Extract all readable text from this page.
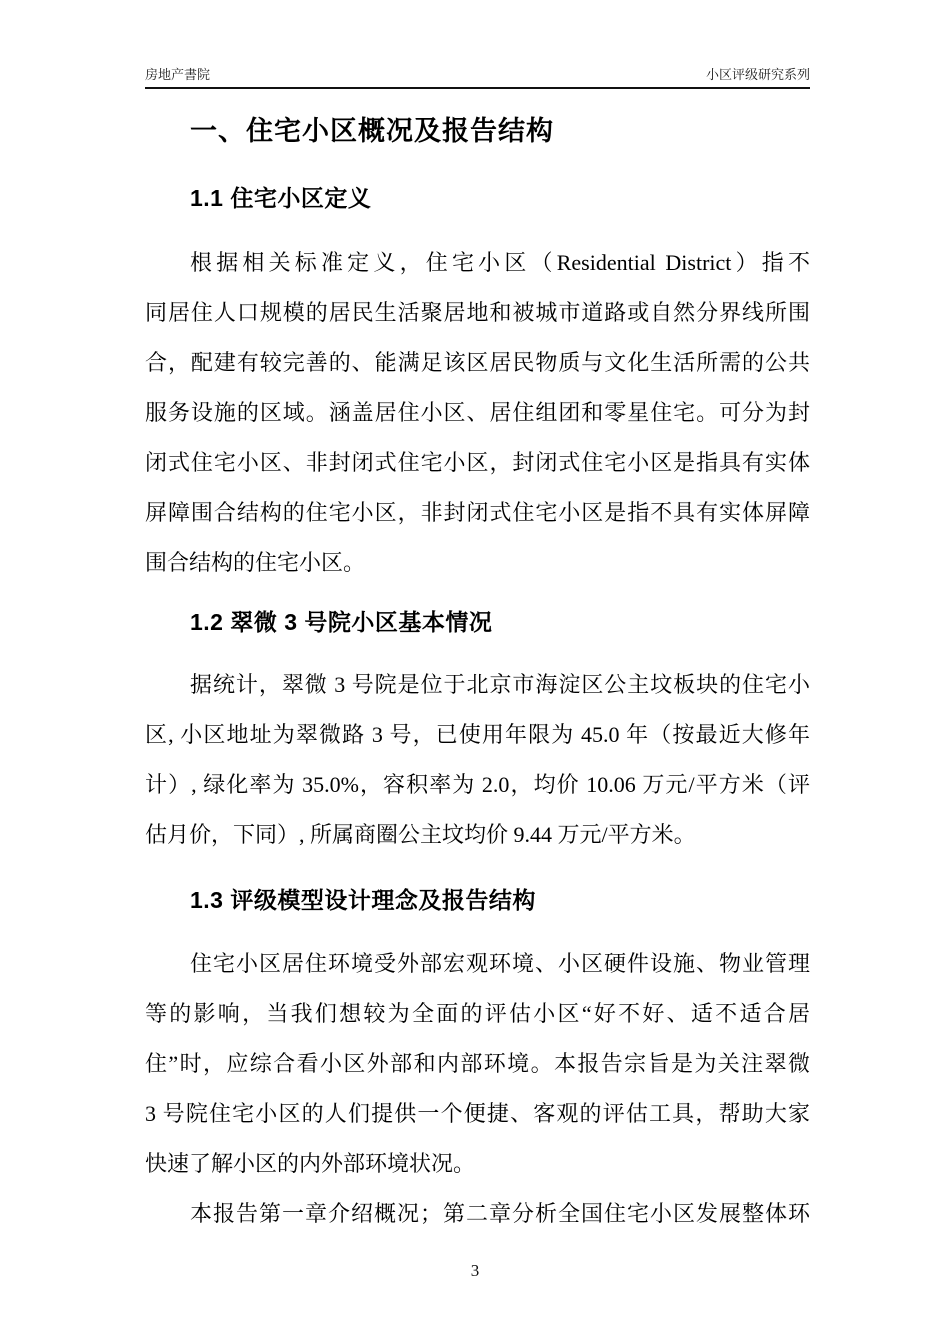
房地产書院	小区评级研究系列
一、住宅小区概况及报告结构
1.1 住宅小区定义
根据相关标准定义，住宅小区（Residential District）指不
同居住人口规模的居民生活聚居地和被城市道路或自然分界线所围
合，配建有较完善的、能满足该区居民物质与文化生活所需的公共
服务设施的区域。涵盖居住小区、居住组团和零星住宅。可分为封
闭式住宅小区、非封闭式住宅小区，封闭式住宅小区是指具有实体
屏障围合结构的住宅小区，非封闭式住宅小区是指不具有实体屏障
围合结构的住宅小区。
1.2 翠微 3 号院小区基本情况
据统计，翠微 3 号院是位于北京市海淀区公主坟板块的住宅小
区, 小区地址为翠微路 3 号，已使用年限为 45.0 年（按最近大修年
计）, 绿化率为 35.0%，容积率为 2.0，均价 10.06 万元/平方米（评
估月价，下同）, 所属商圈公主坟均价 9.44 万元/平方米。
1.3 评级模型设计理念及报告结构
住宅小区居住环境受外部宏观环境、小区硬件设施、物业管理
等的影响，当我们想较为全面的评估小区“好不好、适不适合居
住”时，应综合看小区外部和内部环境。本报告宗旨是为关注翠微
3 号院住宅小区的人们提供一个便捷、客观的评估工具，帮助大家
快速了解小区的内外部环境状况。
本报告第一章介绍概况；第二章分析全国住宅小区发展整体环
3
